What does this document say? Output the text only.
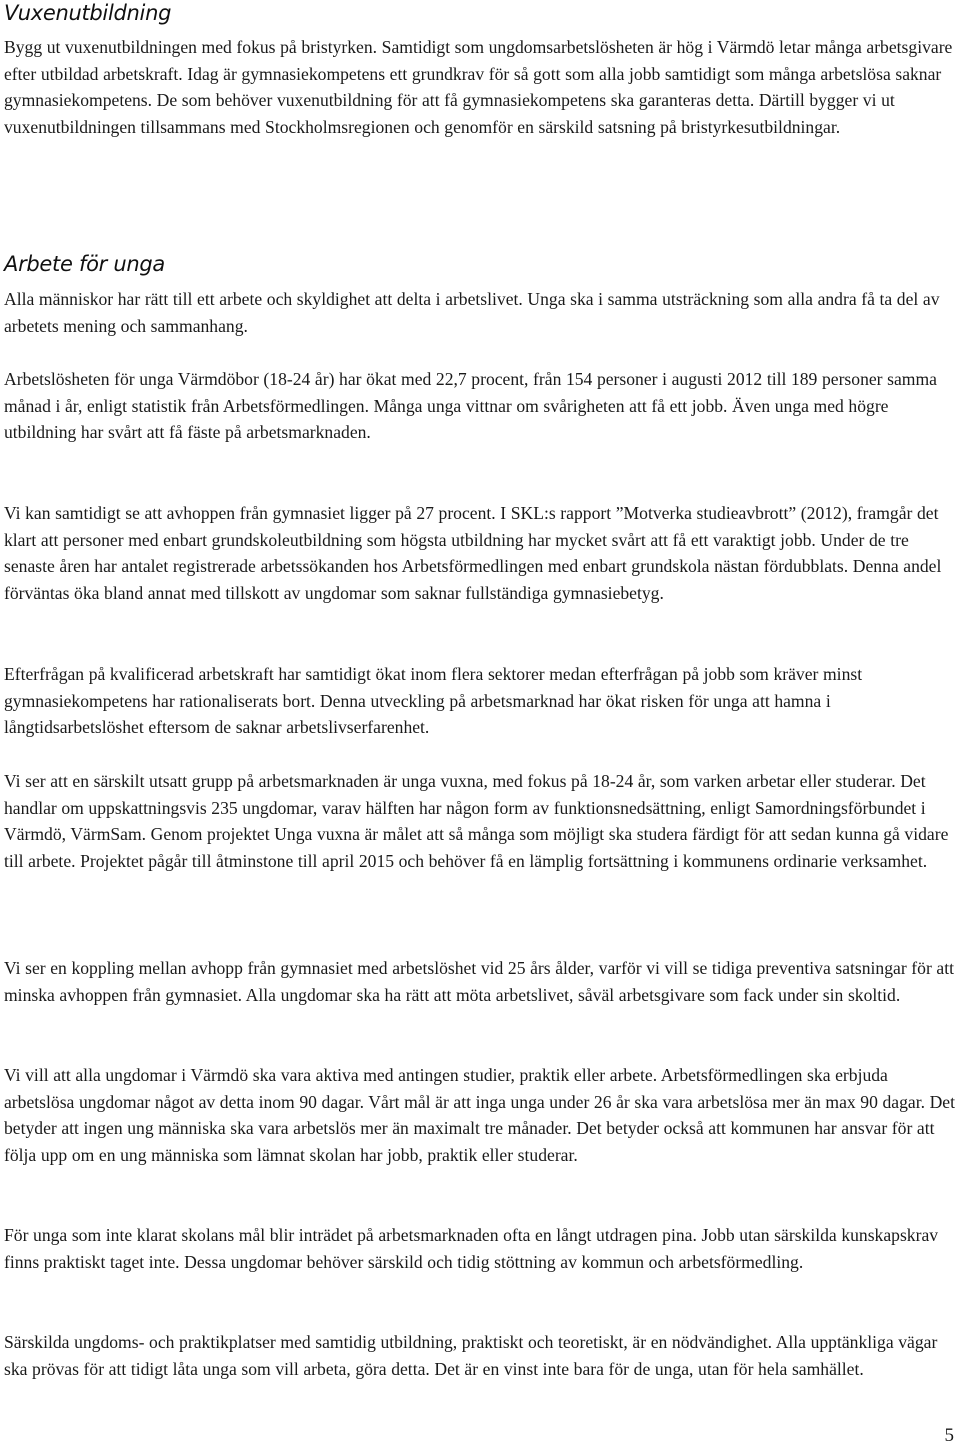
Vuxenutbildning

Bygg ut vuxenutbildningen med fokus på bristyrken. Samtidigt som ungdomsarbetslösheten är hög i Värmdö letar många arbetsgivare efter utbildad arbetskraft. Idag är gymnasiekompetens ett grundkrav för så gott som alla jobb samtidigt som många arbetslösa saknar gymnasiekompetens. De som behöver vuxenutbildning för att få gymnasiekompetens ska garanteras detta. Därtill bygger vi ut vuxenutbildningen tillsammans med Stockholmsregionen och genomför en särskild satsning på bristyrkesutbildningar.

Arbete för unga

Alla människor har rätt till ett arbete och skyldighet att delta i arbetslivet. Unga ska i samma utsträckning som alla andra få ta del av arbetets mening och sammanhang.

Arbetslösheten för unga Värmdöbor (18-24 år) har ökat med 22,7 procent, från 154 personer i augusti 2012 till 189 personer samma månad i år, enligt statistik från Arbetsförmedlingen. Många unga vittnar om svårigheten att få ett jobb. Även unga med högre utbildning har svårt att få fäste på arbetsmarknaden.

Vi kan samtidigt se att avhoppen från gymnasiet ligger på 27 procent. I SKL:s rapport ”Motverka studieavbrott” (2012), framgår det klart att personer med enbart grundskoleutbildning som högsta utbildning har mycket svårt att få ett varaktigt jobb. Under de tre senaste åren har antalet registrerade arbetssökanden hos Arbetsförmedlingen med enbart grundskola nästan fördubblats. Denna andel förväntas öka bland annat med tillskott av ungdomar som saknar fullständiga gymnasiebetyg.

Efterfrågan på kvalificerad arbetskraft har samtidigt ökat inom flera sektorer medan efterfrågan på jobb som kräver minst gymnasiekompetens har rationaliserats bort. Denna utveckling på arbetsmarknad har ökat risken för unga att hamna i långtidsarbetslöshet eftersom de saknar arbetslivserfarenhet.

Vi ser att en särskilt utsatt grupp på arbetsmarknaden är unga vuxna, med fokus på 18-24 år, som varken arbetar eller studerar. Det handlar om uppskattningsvis 235 ungdomar, varav hälften har någon form av funktionsnedsättning, enligt Samordningsförbundet i Värmdö, VärmSam. Genom projektet Unga vuxna är målet att så många som möjligt ska studera färdigt för att sedan kunna gå vidare till arbete. Projektet pågår till åtminstone till april 2015 och behöver få en lämplig fortsättning i kommunens ordinarie verksamhet.

Vi ser en koppling mellan avhopp från gymnasiet med arbetslöshet vid 25 års ålder, varför vi vill se tidiga preventiva satsningar för att minska avhoppen från gymnasiet. Alla ungdomar ska ha rätt att möta arbetslivet, såväl arbetsgivare som fack under sin skoltid.

Vi vill att alla ungdomar i Värmdö ska vara aktiva med antingen studier, praktik eller arbete. Arbetsförmedlingen ska erbjuda arbetslösa ungdomar något av detta inom 90 dagar. Vårt mål är att inga unga under 26 år ska vara arbetslösa mer än max 90 dagar. Det betyder att ingen ung människa ska vara arbetslös mer än maximalt tre månader. Det betyder också att kommunen har ansvar för att följa upp om en ung människa som lämnat skolan har jobb, praktik eller studerar.

För unga som inte klarat skolans mål blir inträdet på arbetsmarknaden ofta en långt utdragen pina. Jobb utan särskilda kunskapskrav finns praktiskt taget inte. Dessa ungdomar behöver särskild och tidig stöttning av kommun och arbetsförmedling.

Särskilda ungdoms- och praktikplatser med samtidig utbildning, praktiskt och teoretiskt, är en nödvändighet. Alla upptänkliga vägar ska prövas för att tidigt låta unga som vill arbeta, göra detta. Det är en vinst inte bara för de unga, utan för hela samhället.

5
